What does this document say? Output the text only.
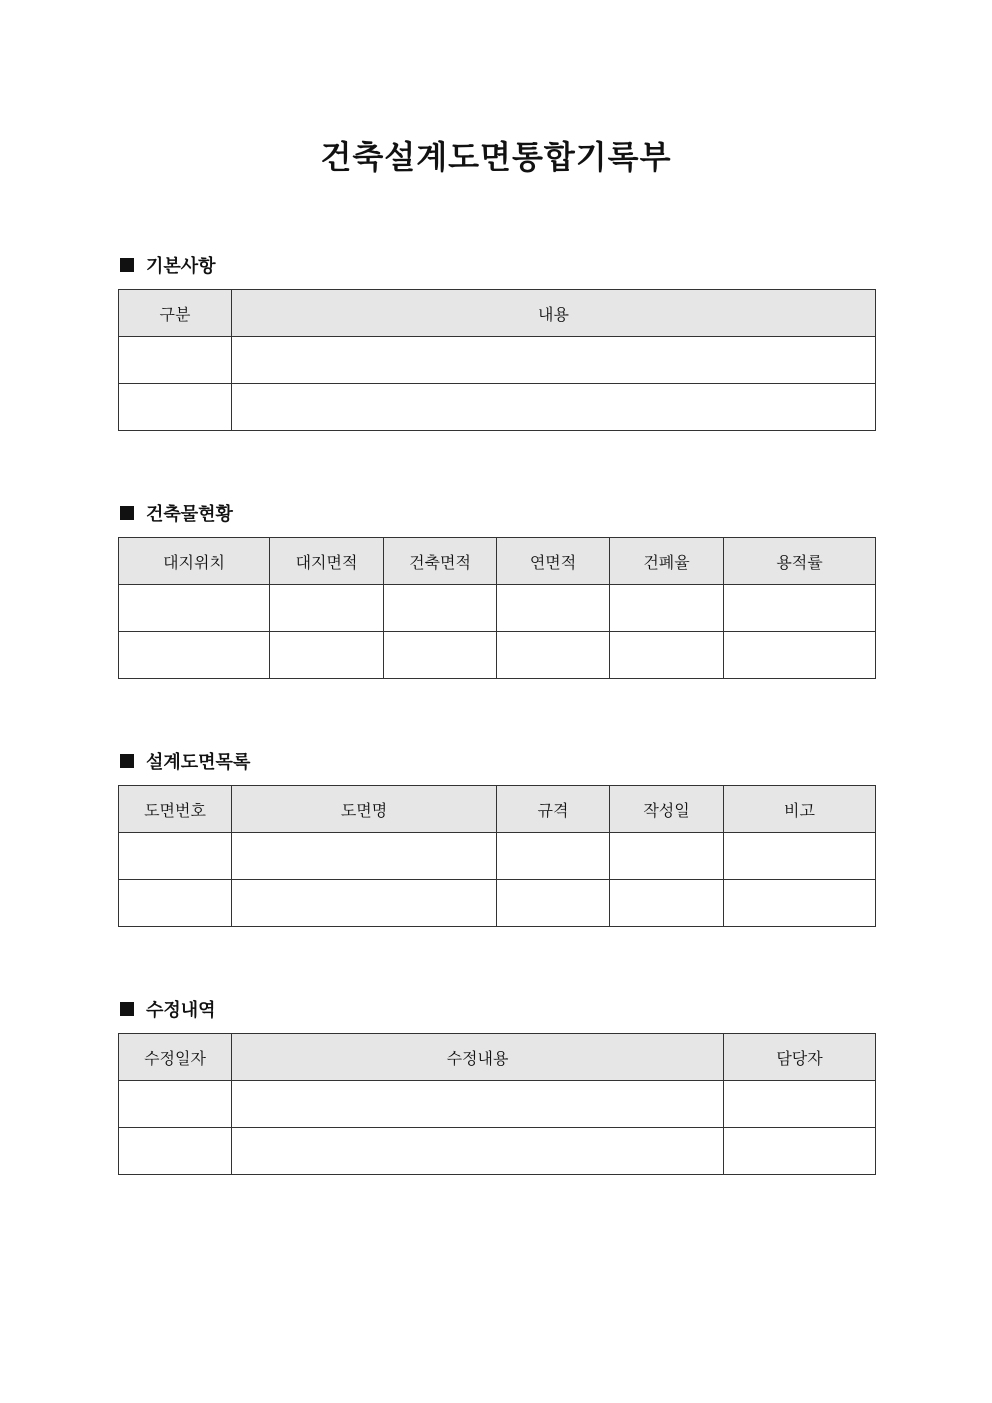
건축설계도면통합기록부
기본사항
구분	내용

건축물현황
대지위치	대지면적	건축면적	연면적	건폐율	용적률

설계도면목록
도면번호	도면명	규격	작성일	비고

수정내역
수정일자	수정내용	담당자
